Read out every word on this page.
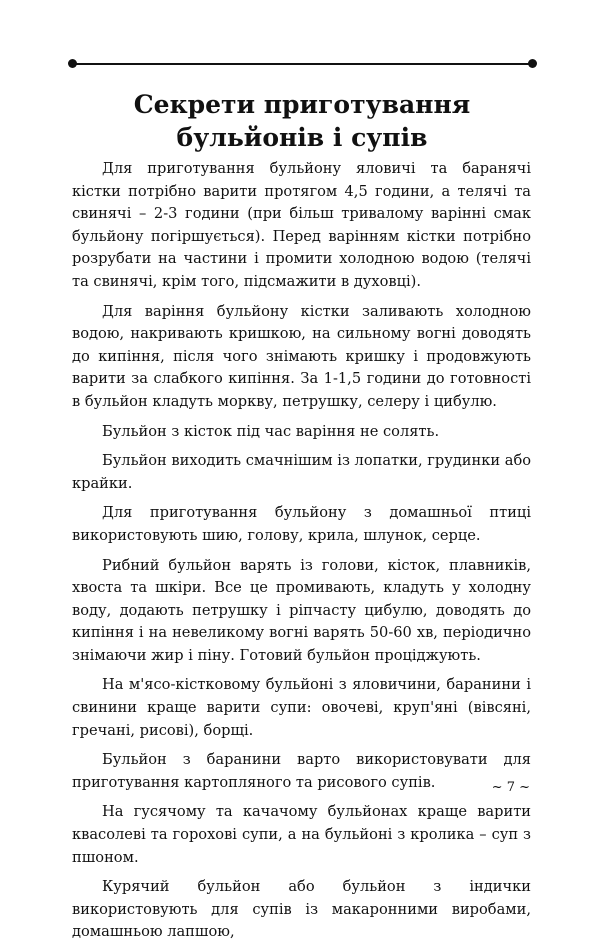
Секрети приготування
бульйонів і супів

Для приготування бульйону яловичі та баранячі кістки потрібно варити протягом 4,5 години, а телячі та свинячі – 2-3 години (при більш тривалому варінні смак бульйону погіршується). Перед варінням кістки потрібно розрубати на частини і промити холодною водою (телячі та свинячі, крім того, підсмажити в духовці).

Для варіння бульйону кістки заливають холодною водою, накривають кришкою, на сильному вогні доводять до кипіння, після чого знімають кришку і продовжують варити за слабкого кипіння. За 1-1,5 години до готовності в бульйон кладуть моркву, петрушку, селеру і цибулю.

Бульйон з кісток під час варіння не солять.

Бульйон виходить смачнішим із лопатки, грудинки або крайки.

Для приготування бульйону з домашньої птиці використовують шию, голову, крила, шлунок, серце.

Рибний бульйон варять із голови, кісток, плавників, хвоста та шкіри. Все це промивають, кладуть у холодну воду, додають петрушку і ріпчасту цибулю, доводять до кипіння і на невеликому вогні варять 50-60 хв, періодично знімаючи жир і піну. Готовий бульйон проціджують.

На м'ясо-кістковому бульйоні з яловичини, баранини і свинини краще варити супи: овочеві, круп'яні (вівсяні, гречані, рисові), борщі.

Бульйон з баранини варто використовувати для приготування картопляного та рисового супів.

На гусячому та качачому бульйонах краще варити квасолеві та горохові супи, а на бульйоні з кролика – суп з пшоном.

Курячий бульйон або бульйон з індички використовують для супів із макаронними виробами, домашньою лапшою,

~ 7 ~
